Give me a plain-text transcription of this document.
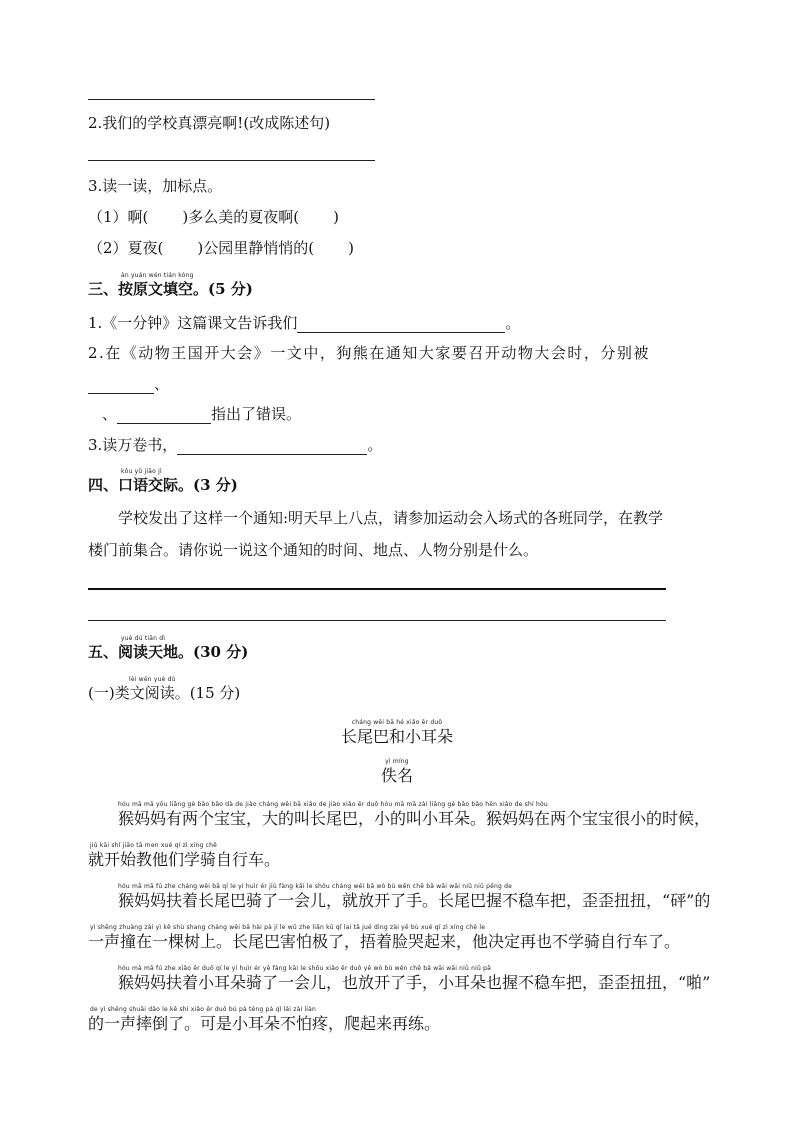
2.我们的学校真漂亮啊!(改成陈述句)
3.读一读，加标点。
（1）啊( )多么美的夏夜啊( )
（2）夏夜( )公园里静悄悄的( )
àn yuán wén tián kòng
三、按原文填空。(5 分)
1.《一分钟》这篇课文告诉我们	。
2.在《动物王国开大会》一文中，狗熊在通知大家要召开动物大会时，分别被
、
、	指出了错误。
3.读万卷书，	。
kǒu yǔ jiāo jì
四、口语交际。(3 分)
学校发出了这样一个通知:明天早上八点，请参加运动会入场式的各班同学，在教学
楼门前集合。请你说一说这个通知的时间、地点、人物分别是什么。
yuè dú tiān dì
五、阅读天地。(30 分)
lèi wén yuè dú
(一)类文阅读。(15 分)
cháng wěi bā hé xiǎo ěr duǒ
长尾巴和小耳朵
yì míng
佚名
hóu mā mā yǒu liǎng gè bǎo bǎo dà de jiào cháng wěi bā xiǎo de jiào xiǎo ěr duǒ hóu mā mā zài liǎng gè bǎo bǎo hěn xiǎo de shí hòu
猴妈妈有两个宝宝，大的叫长尾巴，小的叫小耳朵。猴妈妈在两个宝宝很小的时候，
jiù kāi shǐ jiāo tā men xué qí zì xíng chē
就开始教他们学骑自行车。
hóu mā mā fú zhe cháng wěi bā qí le yí huìr ér jiù fàng kāi le shǒu cháng wěi bā wò bù wěn chē bǎ wāi wāi niǔ niǔ pēng de
猴妈妈扶着长尾巴骑了一会儿，就放开了手。长尾巴握不稳车把，歪歪扭扭，“砰”的
yì shēng zhuàng zài yì kē shù shang cháng wěi bā hài pà jí le wǔ zhe liǎn kū qǐ lai tā jué dìng zài yě bù xué qí zì xíng chē le
一声撞在一棵树上。长尾巴害怕极了，捂着脸哭起来，他决定再也不学骑自行车了。
hóu mā mā fú zhe xiǎo ěr duǒ qí le yí huìr ér yě fàng kāi le shǒu xiǎo ěr duǒ yě wò bù wěn chē bǎ wāi wāi niǔ niǔ pā
猴妈妈扶着小耳朵骑了一会儿，也放开了手，小耳朵也握不稳车把，歪歪扭扭，“啪”
de yì shēng shuāi dǎo le kě shì xiǎo ěr duǒ bú pà téng pá qǐ lái zài liàn
的一声摔倒了。可是小耳朵不怕疼，爬起来再练。
